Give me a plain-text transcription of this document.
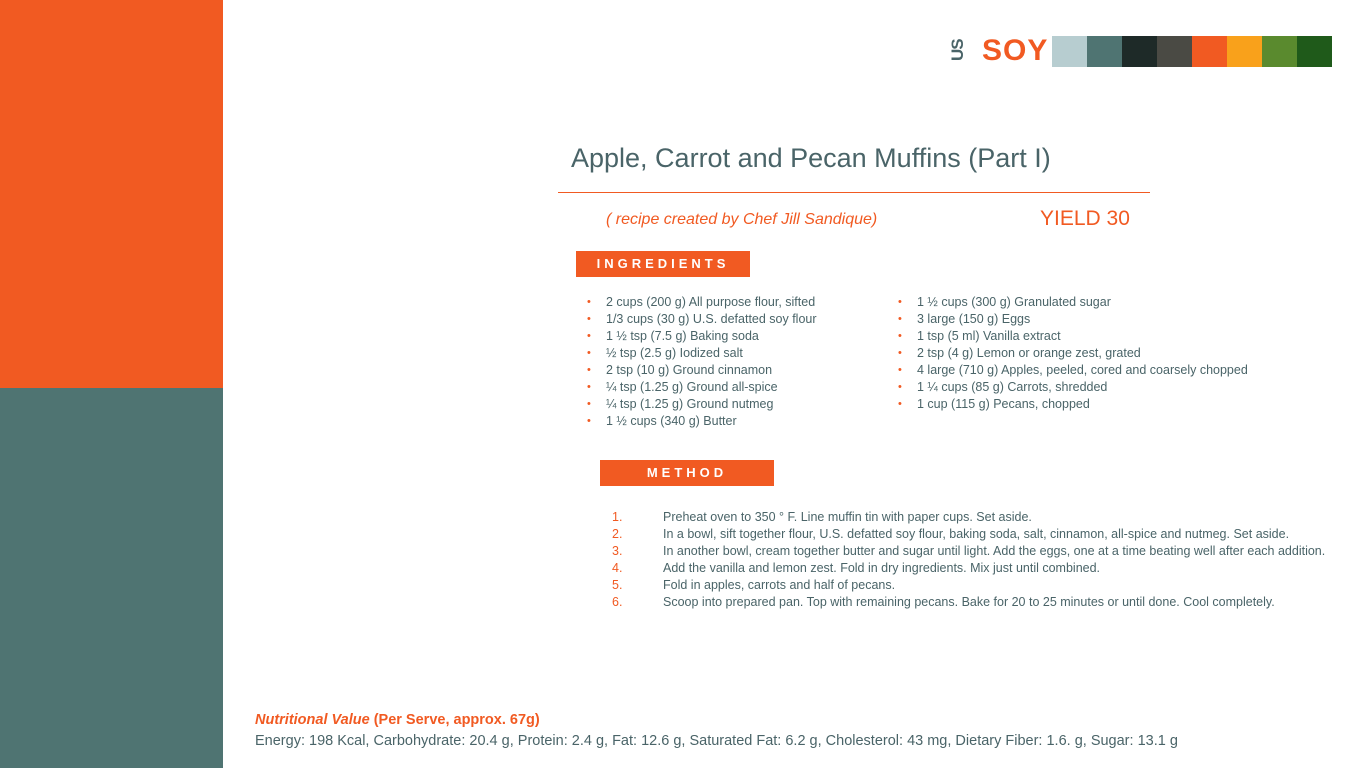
US SOY
Apple, Carrot and Pecan Muffins (Part I)
( recipe created by Chef Jill Sandique)	YIELD 30
INGREDIENTS
• 2 cups (200 g) All purpose flour, sifted
• 1/3 cups (30 g) U.S. defatted soy flour
• 1 ½ tsp (7.5 g) Baking soda
• ½ tsp (2.5 g) Iodized salt
• 2 tsp (10 g) Ground cinnamon
• ¼ tsp (1.25 g) Ground all-spice
• ¼ tsp (1.25 g) Ground nutmeg
• 1 ½ cups (340 g) Butter
• 1 ½ cups (300 g) Granulated sugar
• 3 large (150 g) Eggs
• 1 tsp (5 ml) Vanilla extract
• 2 tsp (4 g) Lemon or orange zest, grated
• 4 large (710 g) Apples, peeled, cored and coarsely chopped
• 1 ¼ cups (85 g) Carrots, shredded
• 1 cup (115 g) Pecans, chopped
METHOD
1.	Preheat oven to 350 ° F. Line muffin tin with paper cups. Set aside.
2.	In a bowl, sift together flour, U.S. defatted soy flour, baking soda, salt, cinnamon, all-spice and nutmeg. Set aside.
3.	In another bowl, cream together butter and sugar until light. Add the eggs, one at a time beating well after each addition.
4.	Add the vanilla and lemon zest. Fold in dry ingredients. Mix just until combined.
5.	Fold in apples, carrots and half of pecans.
6.	Scoop into prepared pan. Top with remaining pecans. Bake for 20 to 25 minutes or until done. Cool completely.
Nutritional Value (Per Serve, approx. 67g)
Energy: 198 Kcal, Carbohydrate: 20.4 g, Protein: 2.4 g, Fat: 12.6 g, Saturated Fat: 6.2 g, Cholesterol: 43 mg, Dietary Fiber: 1.6. g, Sugar: 13.1 g
